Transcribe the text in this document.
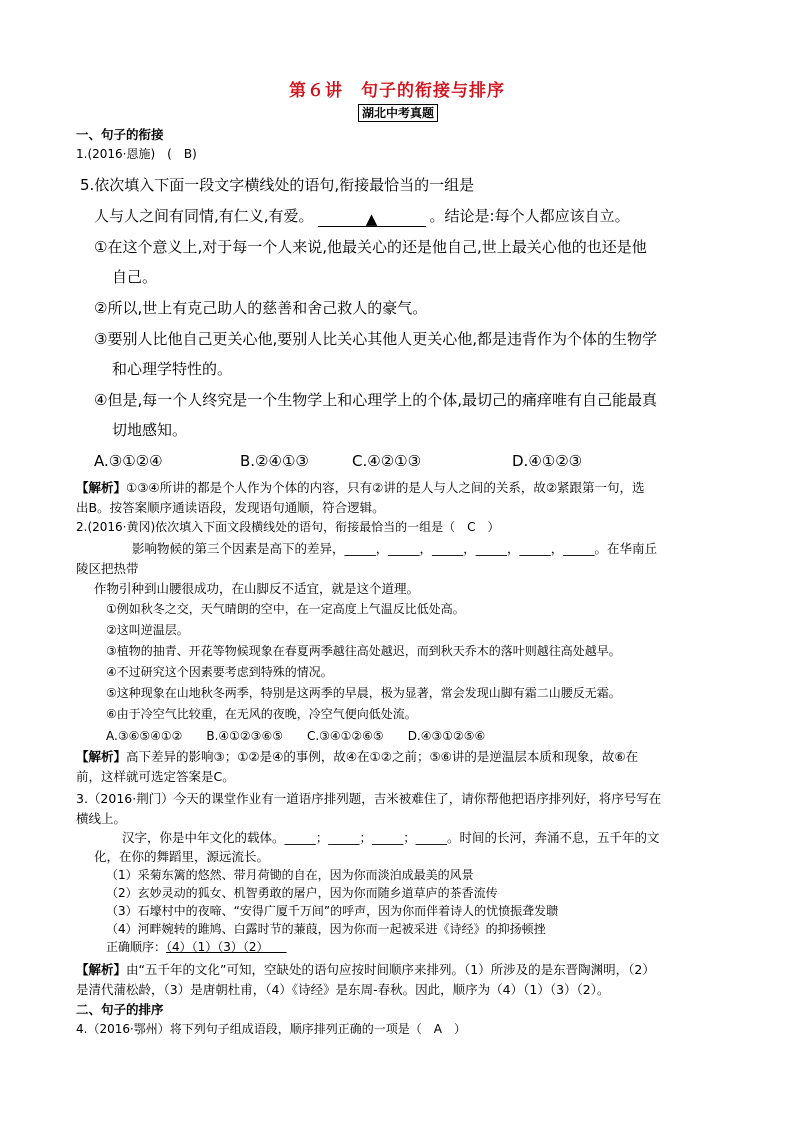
第６讲　句子的衔接与排序
湖北中考真题
一、句子的衔接
1.(2016·恩施)　(　B)
5.依次填入下面一段文字横线处的语句,衔接最恰当的一组是
人与人之间有同情,有仁义,有爱。	▲	。结论是:每个人都应该自立。
①在这个意义上,对于每一个人来说,他最关心的还是他自己,世上最关心他的也还是他
自己。
②所以,世上有克己助人的慈善和舍己救人的豪气。
③要别人比他自己更关心他,要别人比关心其他人更关心他,都是违背作为个体的生物学
和心理学特性的。
④但是,每一个人终究是一个生物学上和心理学上的个体,最切己的痛痒唯有自己能最真
切地感知。
A.③①②④	B.②④①③	C.④②①③	D.④①②③
【解析】①③④所讲的都是个人作为个体的内容，只有②讲的是人与人之间的关系，故②紧跟第一句，选
出B。按答案顺序通读语段，发现语句通顺，符合逻辑。
2.(2016·黄冈)依次填入下面文段横线处的语句，衔接最恰当的一组是（　C　）
影响物候的第三个因素是高下的差异，_____，_____，_____，_____，_____，_____。在华南丘
陵区把热带
作物引种到山腰很成功，在山脚反不适宜，就是这个道理。
①例如秋冬之交，天气晴朗的空中，在一定高度上气温反比低处高。
②这叫逆温层。
③植物的抽青、开花等物候现象在春夏两季越往高处越迟，而到秋天乔木的落叶则越往高处越早。
④不过研究这个因素要考虑到特殊的情况。
⑤这种现象在山地秋冬两季，特别是这两季的早晨，极为显著，常会发现山脚有霜二山腰反无霜。
⑥由于冷空气比较重，在无风的夜晚，冷空气便向低处流。
A.③⑥⑤④①②　　B.④①②③⑥⑤　　C.③④①②⑥⑤　　D.④③①②⑤⑥
【解析】高下差异的影响③；①②是④的事例，故④在①②之前；⑤⑥讲的是逆温层本质和现象，故⑥在
前，这样就可选定答案是C。
3.（2016·荆门）今天的课堂作业有一道语序排列题，吉米被难住了，请你帮他把语序排列好，将序号写在
横线上。
汉字，你是中年文化的载体。_____；_____；_____；_____。时间的长河，奔涌不息，五千年的文
化，在你的舞蹈里，源远流长。
（1）采菊东篱的悠然、带月荷锄的自在，因为你而淡泊成最美的风景
（2）玄妙灵动的狐女、机智勇敢的屠户，因为你而随乡道草庐的茶香流传
（3）石壕村中的夜啼、“安得广厦千万间”的呼声，因为你而伴着诗人的忧愤振聋发聩
（4）河畔婉转的雎鸠、白露时节的蒹葭，因为你而一起被采进《诗经》的抑扬顿挫
正确顺序：（4）（1）（3）（2）　　
【解析】由“五千年的文化”可知，空缺处的语句应按时间顺序来排列。（1）所涉及的是东晋陶渊明，（2）
是清代蒲松龄，（3）是唐朝杜甫，（4）《诗经》是东周-春秋。因此，顺序为（4）（1）（3）（2）。
二、句子的排序
4.（2016·鄂州）将下列句子组成语段，顺序排列正确的一项是（　A　）
